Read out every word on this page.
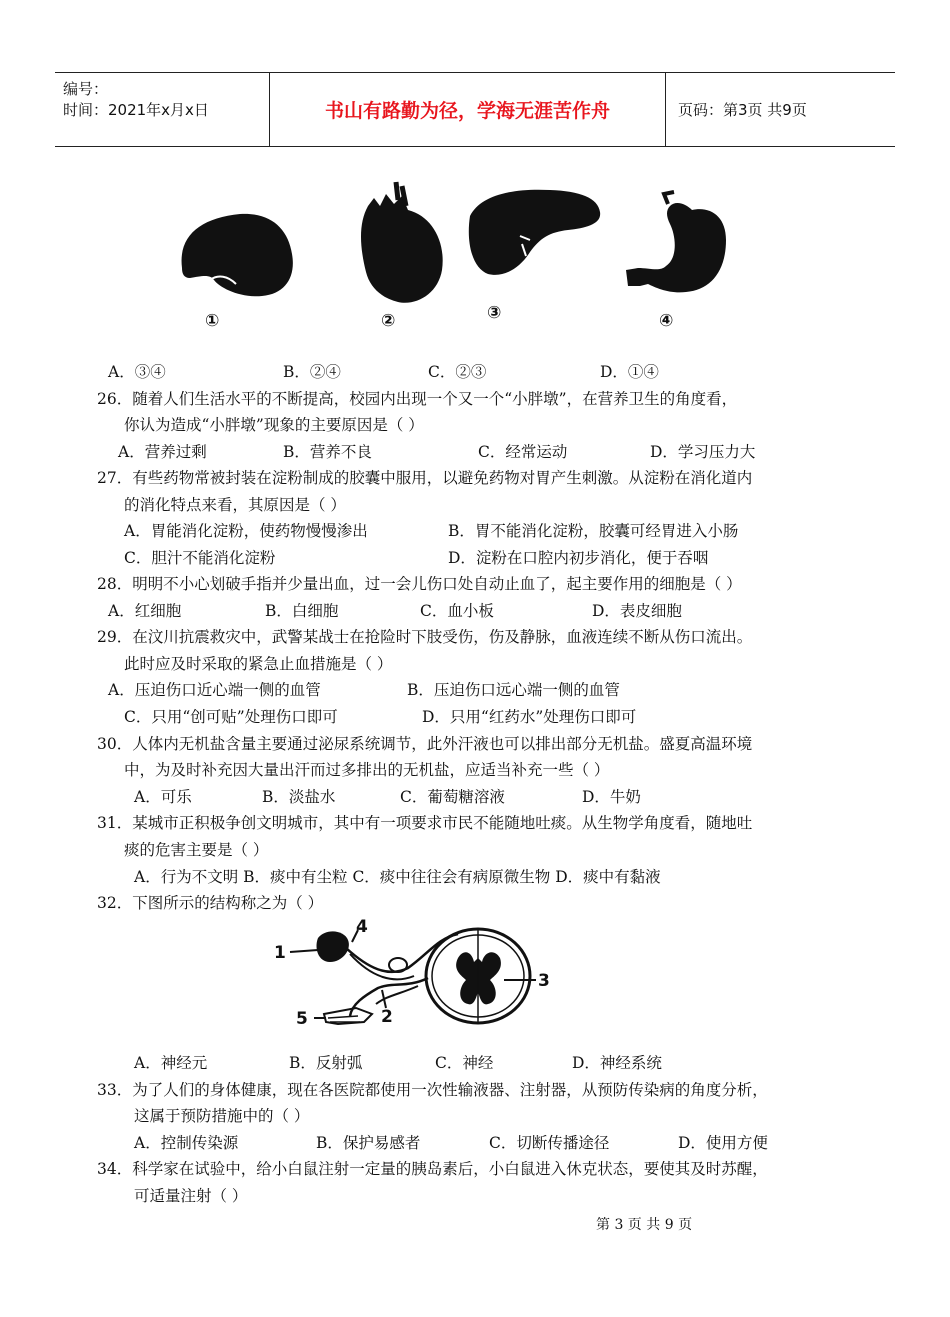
编号：
时间：2021年x月x日	书山有路勤为径，学海无涯苦作舟	页码：第3页 共9页
①	②	③	④
A．③④	B．②④	C．②③	D．①④
26．随着人们生活水平的不断提高，校园内出现一个又一个“小胖墩”，在营养卫生的角度看，
你认为造成“小胖墩”现象的主要原因是（ ）
A．营养过剩	B．营养不良	C．经常运动	D．学习压力大
27．有些药物常被封装在淀粉制成的胶囊中服用，以避免药物对胃产生刺激。从淀粉在消化道内
的消化特点来看，其原因是（ ）
A．胃能消化淀粉，使药物慢慢渗出	B．胃不能消化淀粉，胶囊可经胃进入小肠
C．胆汁不能消化淀粉	D．淀粉在口腔内初步消化，便于吞咽
28．明明不小心划破手指并少量出血，过一会儿伤口处自动止血了，起主要作用的细胞是（ ）
A．红细胞	B．白细胞	C．血小板	D．表皮细胞
29．在汶川抗震救灾中，武警某战士在抢险时下肢受伤，伤及静脉，血液连续不断从伤口流出。
此时应及时采取的紧急止血措施是（ ）
A．压迫伤口近心端一侧的血管	B．压迫伤口远心端一侧的血管
C．只用“创可贴”处理伤口即可	D．只用“红药水”处理伤口即可
30．人体内无机盐含量主要通过泌尿系统调节，此外汗液也可以排出部分无机盐。盛夏高温环境
中，为及时补充因大量出汗而过多排出的无机盐，应适当补充一些（ ）
A．可乐	B．淡盐水	C．葡萄糖溶液	D．牛奶
31．某城市正积极争创文明城市，其中有一项要求市民不能随地吐痰。从生物学角度看，随地吐
痰的危害主要是（ ）
A．行为不文明 B．痰中有尘粒 C．痰中往往会有病原微生物 D．痰中有黏液
32．下图所示的结构称之为（ ）
1
2
3
4
5
A．神经元	B．反射弧	C．神经	D．神经系统
33．为了人们的身体健康，现在各医院都使用一次性输液器、注射器，从预防传染病的角度分析，
这属于预防措施中的（ ）
A．控制传染源	B．保护易感者	C．切断传播途径	D．使用方便
34．科学家在试验中，给小白鼠注射一定量的胰岛素后，小白鼠进入休克状态，要使其及时苏醒，
可适量注射（ ）
第 3 页 共 9 页
